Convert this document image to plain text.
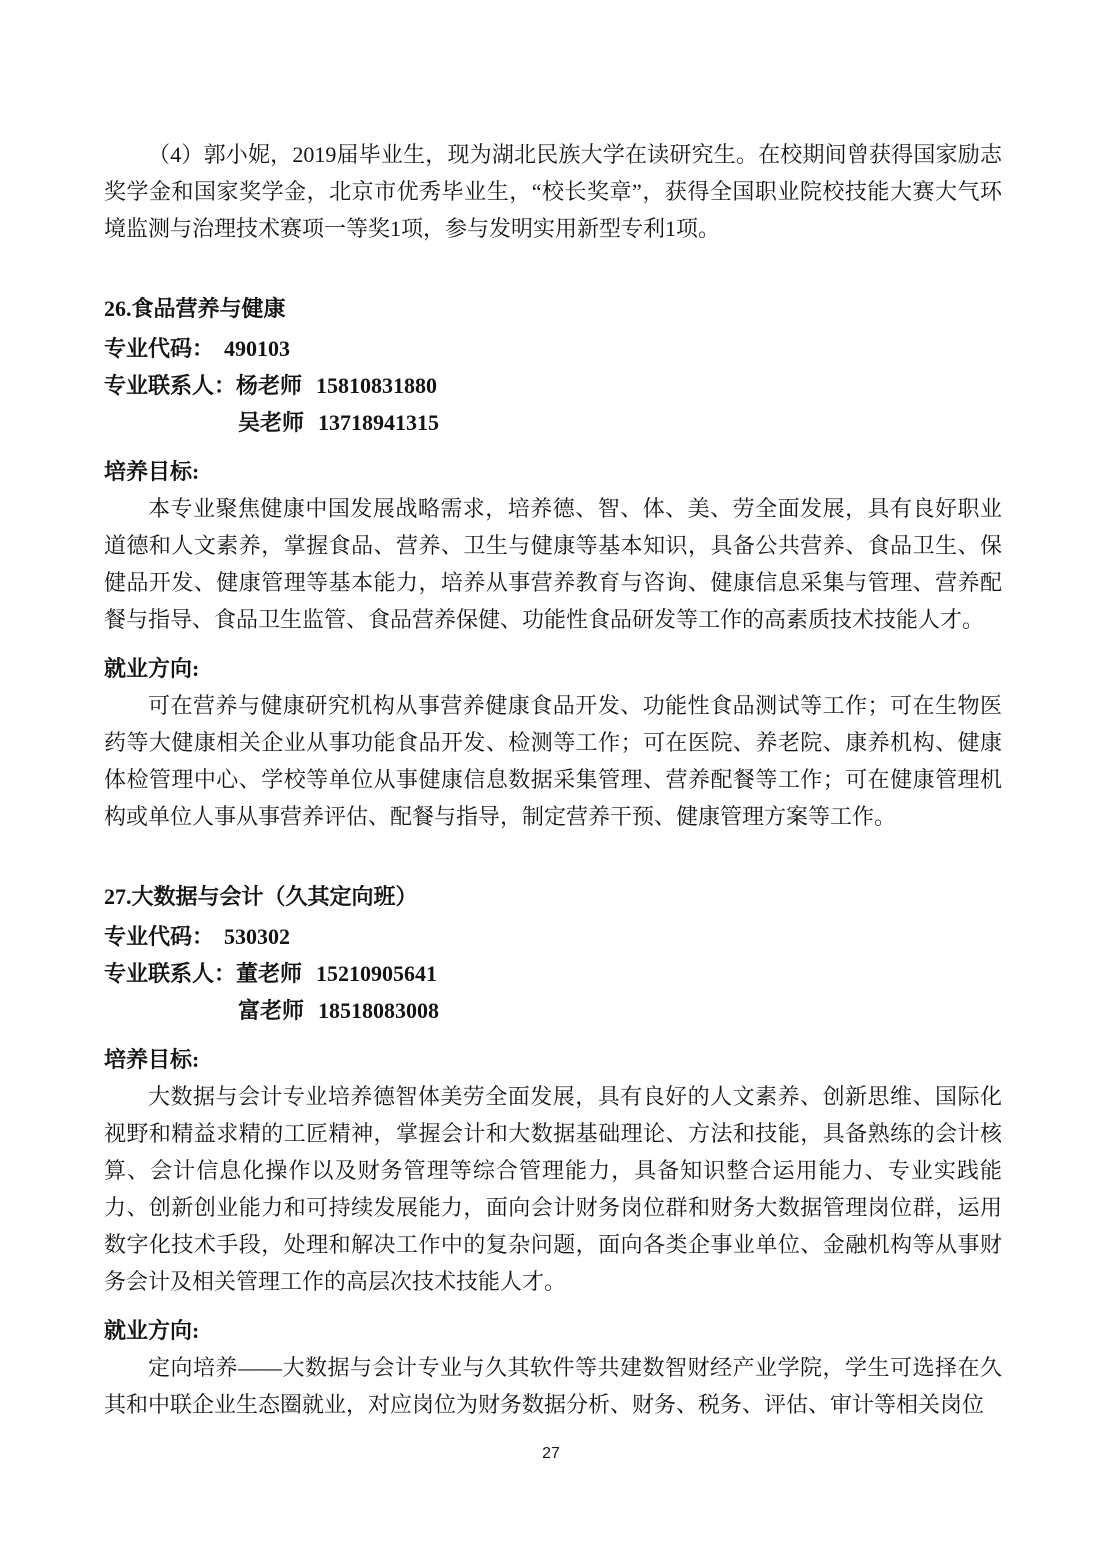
（4）郭小妮，2019届毕业生，现为湖北民族大学在读研究生。在校期间曾获得国家励志奖学金和国家奖学金，北京市优秀毕业生，“校长奖章”，获得全国职业院校技能大赛大气环境监测与治理技术赛项一等奖1项，参与发明实用新型专利1项。

26.食品营养与健康

专业代码： 490103

专业联系人：杨老师 15810831880

吴老师 13718941315

培养目标:

本专业聚焦健康中国发展战略需求，培养德、智、体、美、劳全面发展，具有良好职业道德和人文素养，掌握食品、营养、卫生与健康等基本知识，具备公共营养、食品卫生、保健品开发、健康管理等基本能力，培养从事营养教育与咨询、健康信息采集与管理、营养配餐与指导、食品卫生监管、食品营养保健、功能性食品研发等工作的高素质技术技能人才。

就业方向:

可在营养与健康研究机构从事营养健康食品开发、功能性食品测试等工作；可在生物医药等大健康相关企业从事功能食品开发、检测等工作；可在医院、养老院、康养机构、健康体检管理中心、学校等单位从事健康信息数据采集管理、营养配餐等工作；可在健康管理机构或单位人事从事营养评估、配餐与指导，制定营养干预、健康管理方案等工作。

27.大数据与会计（久其定向班）

专业代码： 530302

专业联系人：董老师 15210905641

富老师 18518083008

培养目标:

大数据与会计专业培养德智体美劳全面发展，具有良好的人文素养、创新思维、国际化视野和精益求精的工匠精神，掌握会计和大数据基础理论、方法和技能，具备熟练的会计核算、会计信息化操作以及财务管理等综合管理能力，具备知识整合运用能力、专业实践能力、创新创业能力和可持续发展能力，面向会计财务岗位群和财务大数据管理岗位群，运用数字化技术手段，处理和解决工作中的复杂问题，面向各类企事业单位、金融机构等从事财务会计及相关管理工作的高层次技术技能人才。

就业方向:

定向培养——大数据与会计专业与久其软件等共建数智财经产业学院，学生可选择在久其和中联企业生态圈就业，对应岗位为财务数据分析、财务、税务、评估、审计等相关岗位

27
